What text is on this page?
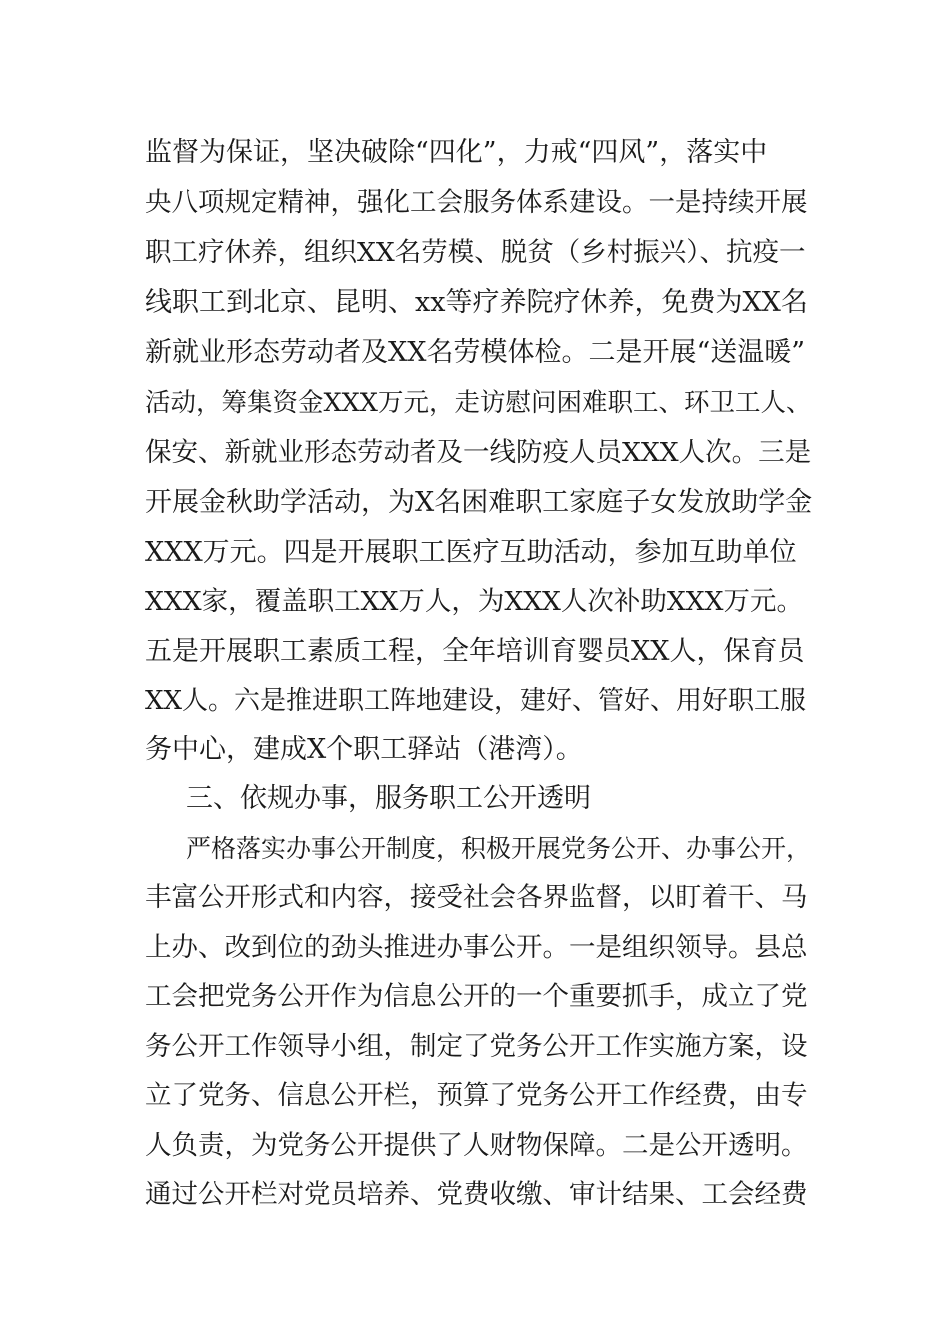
监督为保证，坚决破除“四化”，力戒“四风”，落实中
央八项规定精神，强化工会服务体系建设。一是持续开展
职工疗休养，组织XX名劳模、脱贫（乡村振兴）、抗疫一
线职工到北京、昆明、xx等疗养院疗休养，免费为XX名
新就业形态劳动者及XX名劳模体检。二是开展“送温暖”
活动，筹集资金XXX万元，走访慰问困难职工、环卫工人、
保安、新就业形态劳动者及一线防疫人员XXX人次。三是
开展金秋助学活动，为X名困难职工家庭子女发放助学金
XXX万元。四是开展职工医疗互助活动，参加互助单位
XXX家，覆盖职工XX万人，为XXX人次补助XXX万元。
五是开展职工素质工程，全年培训育婴员XX人，保育员
XX人。六是推进职工阵地建设，建好、管好、用好职工服
务中心，建成X个职工驿站（港湾）。
三、依规办事，服务职工公开透明
严格落实办事公开制度，积极开展党务公开、办事公开，
丰富公开形式和内容，接受社会各界监督，以盯着干、马
上办、改到位的劲头推进办事公开。一是组织领导。县总
工会把党务公开作为信息公开的一个重要抓手，成立了党
务公开工作领导小组，制定了党务公开工作实施方案，设
立了党务、信息公开栏，预算了党务公开工作经费，由专
人负责，为党务公开提供了人财物保障。二是公开透明。
通过公开栏对党员培养、党费收缴、审计结果、工会经费
